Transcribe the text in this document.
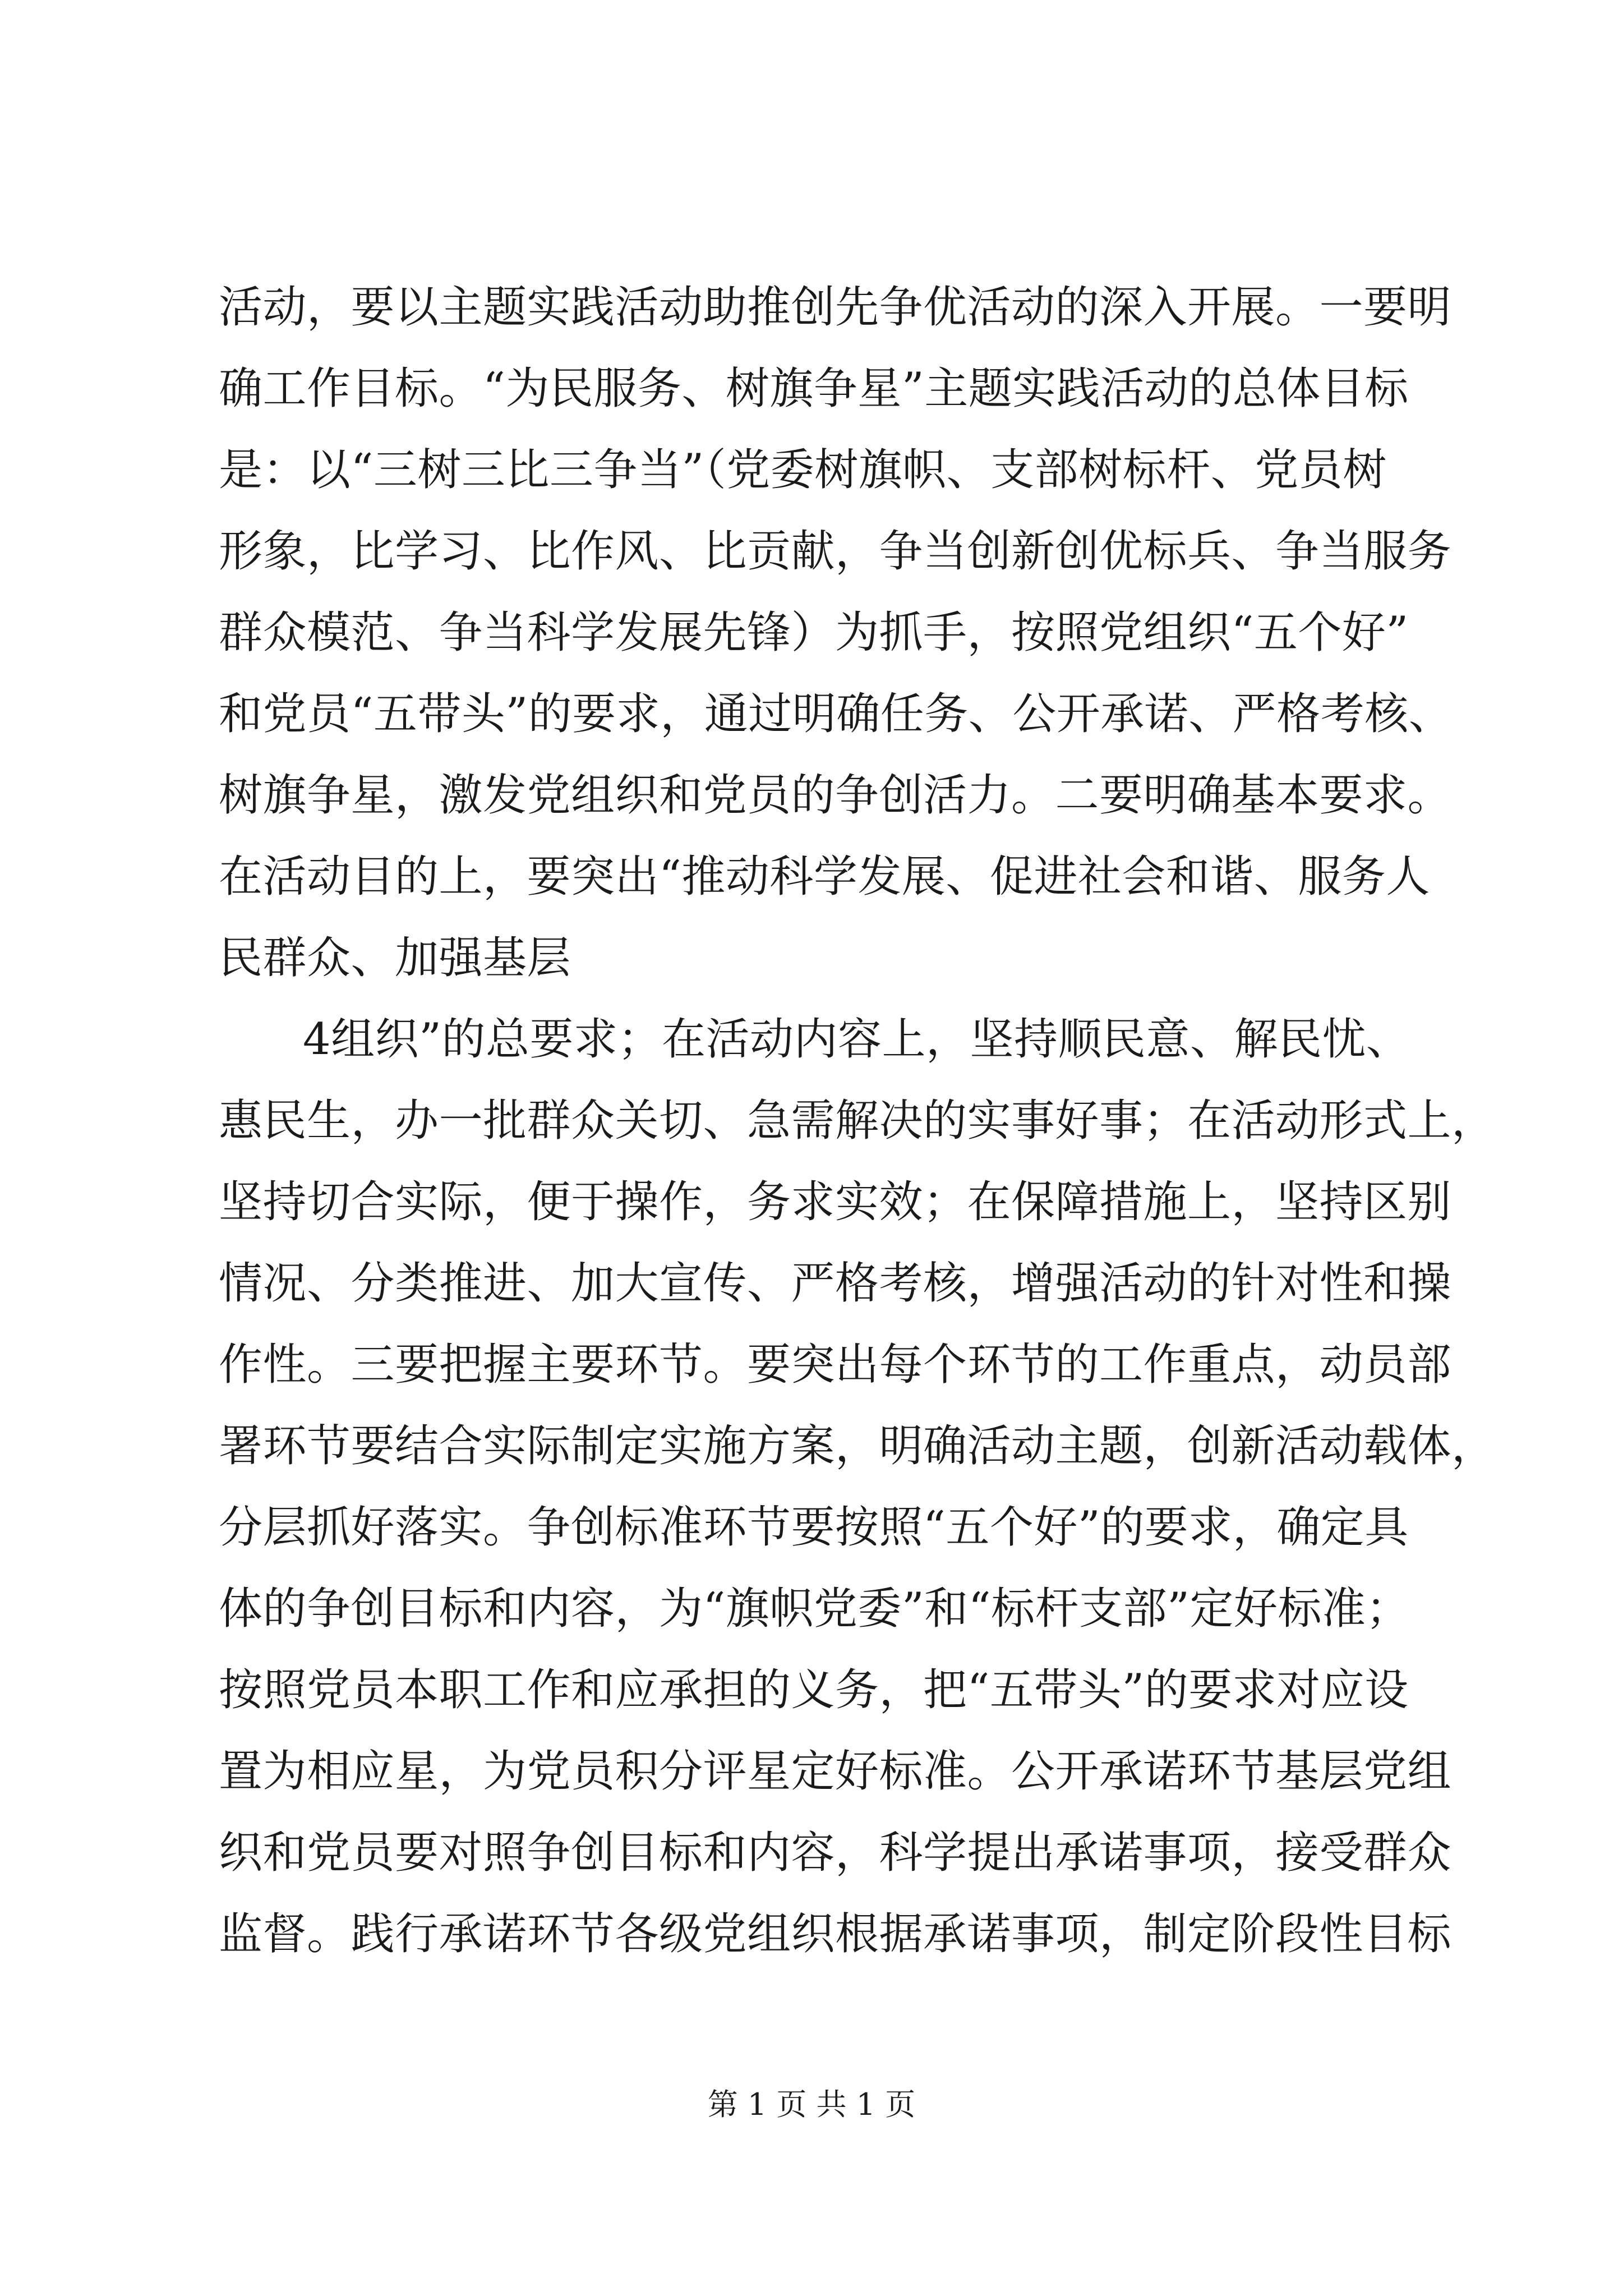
活动，要以主题实践活动助推创先争优活动的深入开展。一要明
确工作目标。“为民服务、树旗争星”主题实践活动的总体目标
是：以“三树三比三争当”（党委树旗帜、支部树标杆、党员树
形象，比学习、比作风、比贡献，争当创新创优标兵、争当服务
群众模范、争当科学发展先锋）为抓手，按照党组织“五个好”
和党员“五带头”的要求，通过明确任务、公开承诺、严格考核、
树旗争星，激发党组织和党员的争创活力。二要明确基本要求。
在活动目的上，要突出“推动科学发展、促进社会和谐、服务人
民群众、加强基层
4组织”的总要求；在活动内容上，坚持顺民意、解民忧、
惠民生，办一批群众关切、急需解决的实事好事；在活动形式上，
坚持切合实际，便于操作，务求实效；在保障措施上，坚持区别
情况、分类推进、加大宣传、严格考核，增强活动的针对性和操
作性。三要把握主要环节。要突出每个环节的工作重点，动员部
署环节要结合实际制定实施方案，明确活动主题，创新活动载体，
分层抓好落实。争创标准环节要按照“五个好”的要求，确定具
体的争创目标和内容，为“旗帜党委”和“标杆支部”定好标准；
按照党员本职工作和应承担的义务，把“五带头”的要求对应设
置为相应星，为党员积分评星定好标准。公开承诺环节基层党组
织和党员要对照争创目标和内容，科学提出承诺事项，接受群众
监督。践行承诺环节各级党组织根据承诺事项，制定阶段性目标
第 1 页 共 1 页
